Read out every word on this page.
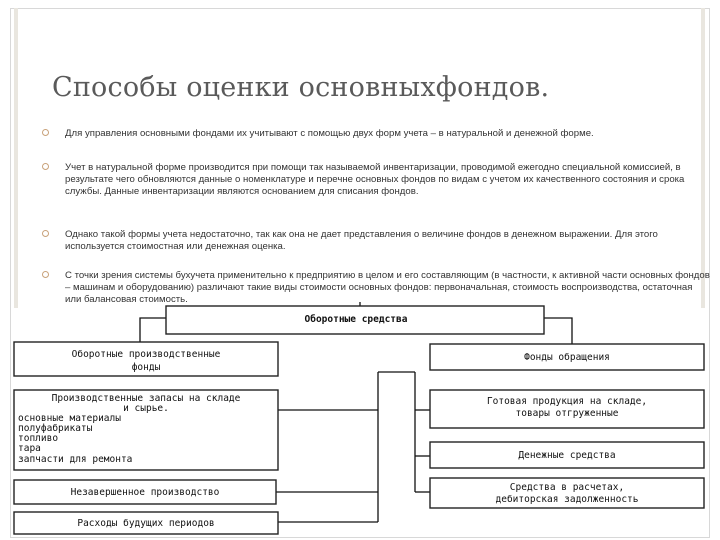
Способы оценки основныхфондов.
Для управления основными фондами их учитывают с помощью двух форм учета – в натуральной и денежной форме.
Учет в натуральной форме производится при помощи так называемой инвентаризации, проводимой ежегодно специальной комиссией, в результате чего обновляются данные о номенклатуре и перечне основных фондов по видам с учетом их качественного состояния и срока службы. Данные инвентаризации являются основанием для списания фондов.
Однако такой формы учета недостаточно, так как она не дает представления о величине фондов в денежном выражении. Для этого используется стоимостная или денежная оценка.
С точки зрения системы бухучета применительно к предприятию в целом и его составляющим (в частности, к активной части основных фондов – машинам и оборудованию) различают такие виды стоимости основных фондов: первоначальная, стоимость воспроизводства, остаточная или балансовая стоимость.
Оборотные средства
Оборотные производственные
фонды
Производственные запасы на складе
и сырье.
основные материалы
полуфабрикаты
топливо
тара
запчасти для ремонта
Незавершенное производство
Расходы будущих периодов
Фонды обращения
Готовая продукция на складе,
товары отгруженные
Денежные средства
Средства в расчетах,
дебиторская задолженность
